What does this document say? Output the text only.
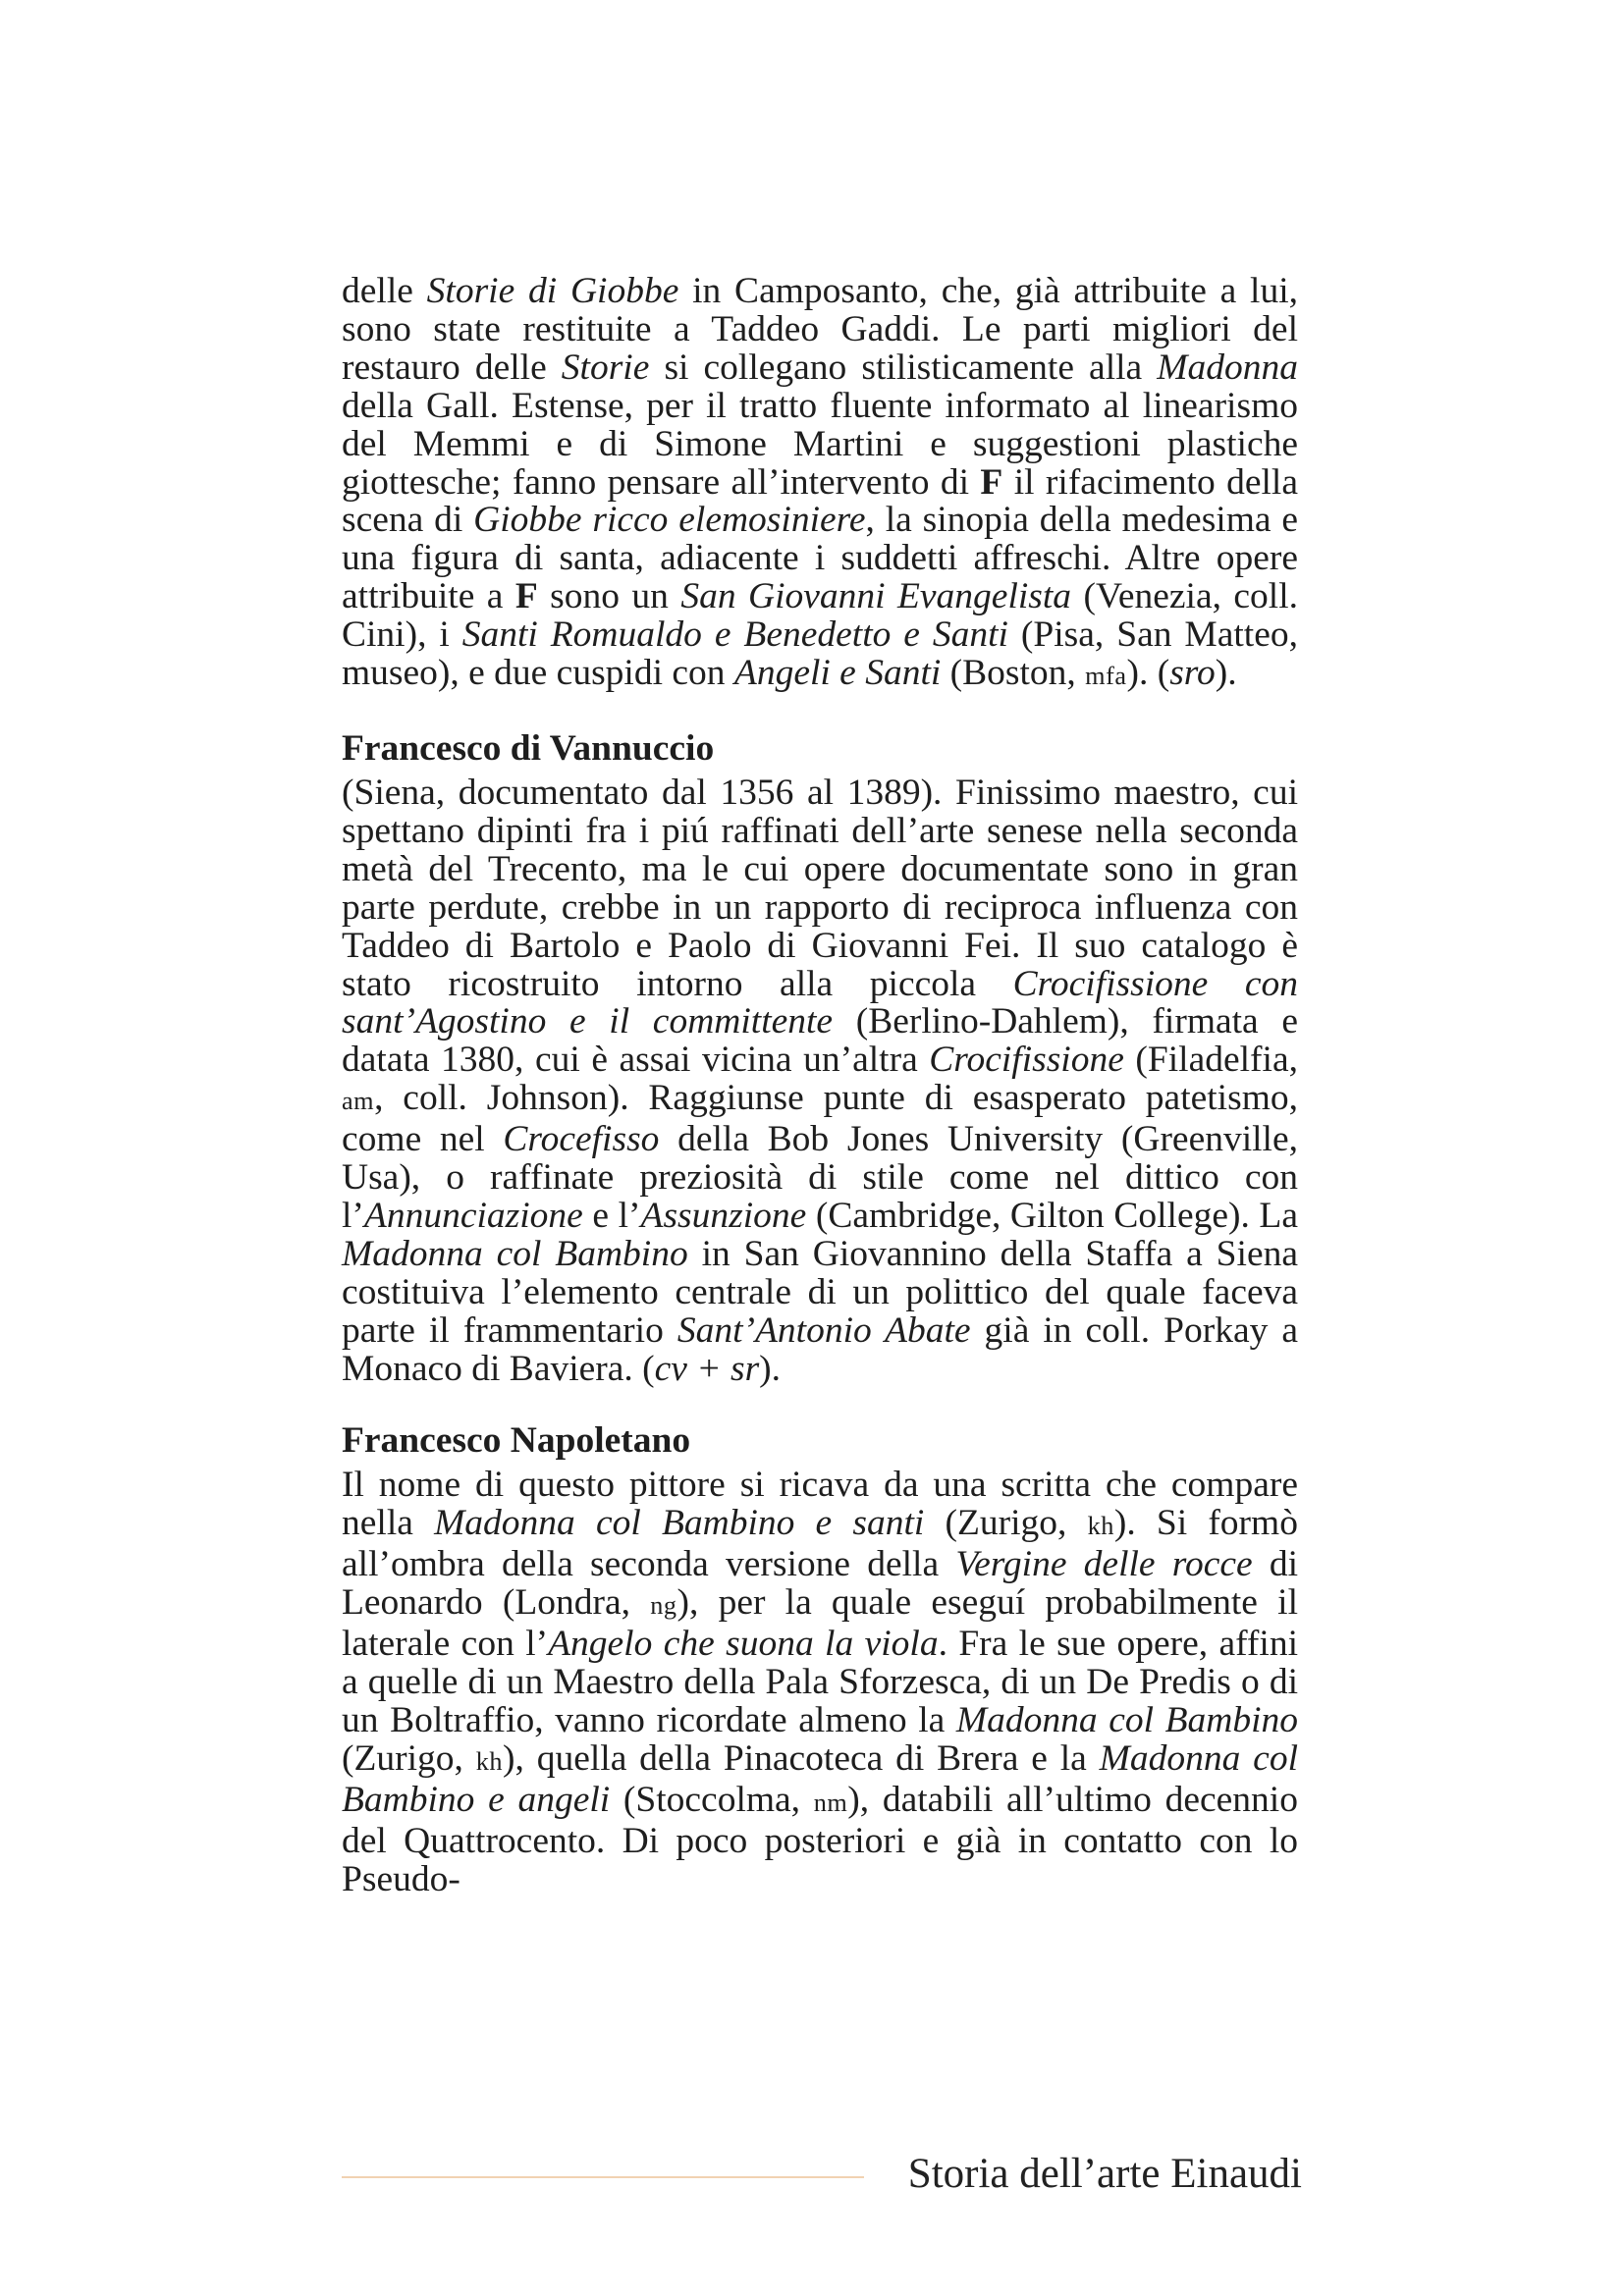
delle Storie di Giobbe in Camposanto, che, già attribuite a lui, sono state restituite a Taddeo Gaddi. Le parti migliori del restauro delle Storie si collegano stilisticamente alla Madonna della Gall. Estense, per il tratto fluente informato al linearismo del Memmi e di Simone Martini e suggestioni plastiche giottesche; fanno pensare all’intervento di F il rifacimento della scena di Giobbe ricco elemosiniere, la sinopia della medesima e una figura di santa, adiacente i suddetti affreschi. Altre opere attribuite a F sono un San Giovanni Evangelista (Venezia, coll. Cini), i Santi Romualdo e Benedetto e Santi (Pisa, San Matteo, museo), e due cuspidi con Angeli e Santi (Boston, mfa). (sro).

Francesco di Vannuccio

(Siena, documentato dal 1356 al 1389). Finissimo maestro, cui spettano dipinti fra i piú raffinati dell’arte senese nella seconda metà del Trecento, ma le cui opere documentate sono in gran parte perdute, crebbe in un rapporto di reciproca influenza con Taddeo di Bartolo e Paolo di Giovanni Fei. Il suo catalogo è stato ricostruito intorno alla piccola Crocifissione con sant’Agostino e il committente (Berlino-Dahlem), firmata e datata 1380, cui è assai vicina un’altra Crocifissione (Filadelfia, am, coll. Johnson). Raggiunse punte di esasperato patetismo, come nel Crocefisso della Bob Jones University (Greenville, Usa), o raffinate preziosità di stile come nel dittico con l’Annunciazione e l’Assunzione (Cambridge, Gilton College). La Madonna col Bambino in San Giovannino della Staffa a Siena costituiva l’elemento centrale di un polittico del quale faceva parte il frammentario Sant’Antonio Abate già in coll. Porkay a Monaco di Baviera. (cv + sr).

Francesco Napoletano

Il nome di questo pittore si ricava da una scritta che compare nella Madonna col Bambino e santi (Zurigo, kh). Si formò all’ombra della seconda versione della Vergine delle rocce di Leonardo (Londra, ng), per la quale eseguí probabilmente il laterale con l’Angelo che suona la viola. Fra le sue opere, affini a quelle di un Maestro della Pala Sforzesca, di un De Predis o di un Boltraffio, vanno ricordate almeno la Madonna col Bambino (Zurigo, kh), quella della Pinacoteca di Brera e la Madonna col Bambino e angeli (Stoccolma, nm), databili all’ultimo decennio del Quattrocento. Di poco posteriori e già in contatto con lo Pseudo-

Storia dell’arte Einaudi
